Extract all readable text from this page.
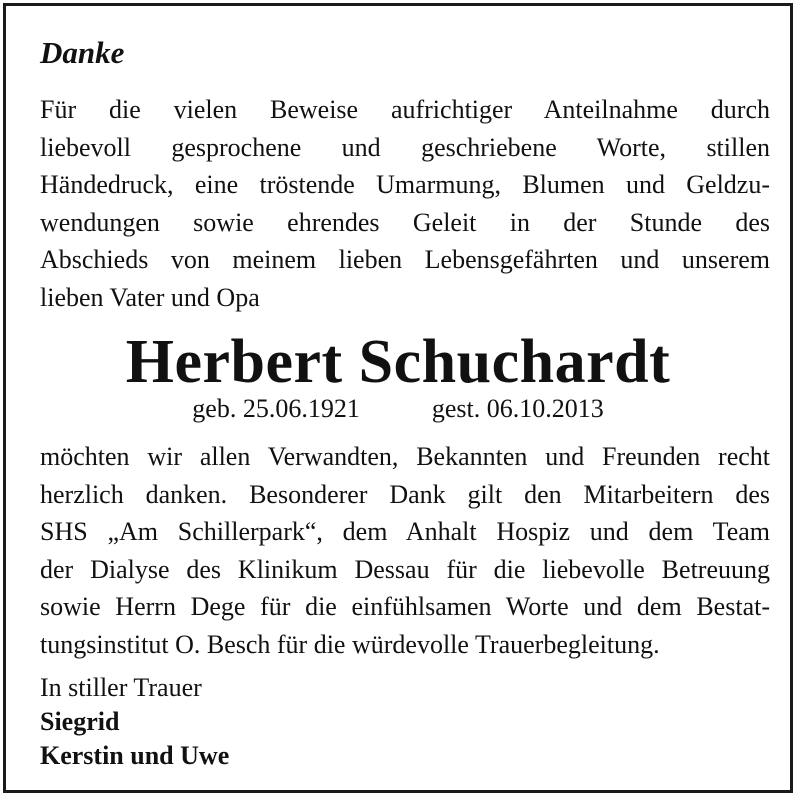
Danke

Für die vielen Beweise aufrichtiger Anteilnahme durch
liebevoll gesprochene und geschriebene Worte, stillen
Händedruck, eine tröstende Umarmung, Blumen und Geldzu-
wendungen sowie ehrendes Geleit in der Stunde des
Abschieds von meinem lieben Lebensgefährten und unserem
lieben Vater und Opa

Herbert Schuchardt
geb. 25.06.1921	gest. 06.10.2013

möchten wir allen Verwandten, Bekannten und Freunden recht
herzlich danken. Besonderer Dank gilt den Mitarbeitern des
SHS „Am Schillerpark“, dem Anhalt Hospiz und dem Team
der Dialyse des Klinikum Dessau für die liebevolle Betreuung
sowie Herrn Dege für die einfühlsamen Worte und dem Bestat-
tungsinstitut O. Besch für die würdevolle Trauerbegleitung.

In stiller Trauer
Siegrid
Kerstin und Uwe
